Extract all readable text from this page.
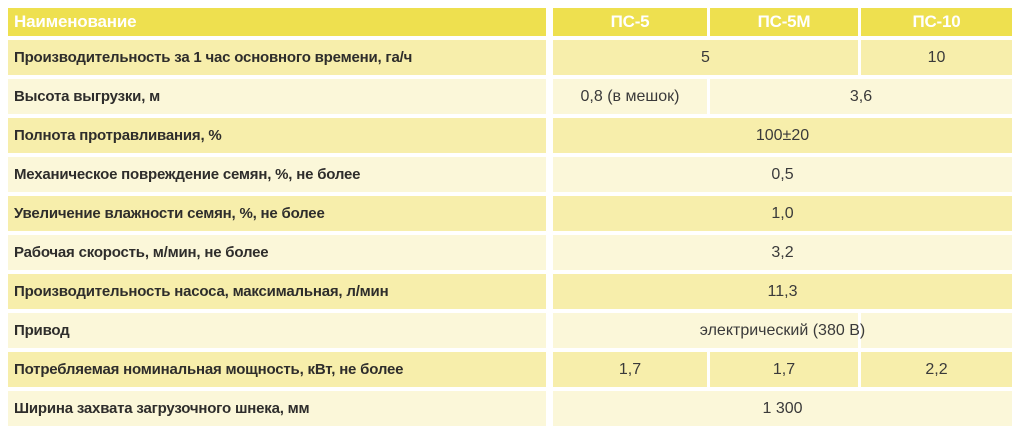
Наименование	ПС-5	ПС-5М	ПС-10
Производительность за 1 час основного времени, га/ч	5	10
Высота выгрузки, м	0,8 (в мешок)	3,6
Полнота протравливания, %	100±20
Механическое повреждение семян, %, не более	0,5
Увеличение влажности семян, %, не более	1,0
Рабочая скорость, м/мин, не более	3,2
Производительность насоса, максимальная, л/мин	11,3
Привод	электрический (380 В)
Потребляемая номинальная мощность, кВт, не более	1,7	1,7	2,2
Ширина захвата загрузочного шнека, мм	1 300
